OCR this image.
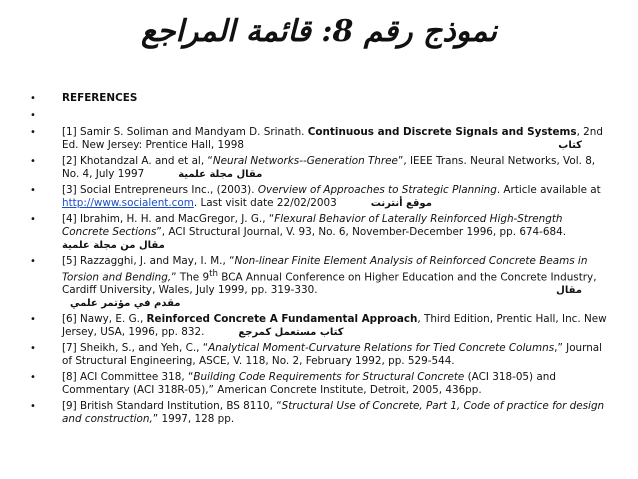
نموذج رقم 8: قائمة المراجع
•	REFERENCES
•
•	[1] Samir S. Soliman and Mandyam D. Srinath. Continuous and Discrete Signals and Systems, 2nd Ed. New Jersey: Prentice Hall, 1998	كتاب
•	[2] Khotandzal A. and et al, “Neural Networks--Generation Three”, IEEE Trans. Neural Networks, Vol. 8, No. 4, July 1997	مقال مجلة علمية
•	[3] Social Entrepreneurs Inc., (2003). Overview of Approaches to Strategic Planning. Article available at http://www.socialent.com. Last visit date 22/02/2003	موقع أنترنت
•	[4] Ibrahim, H. H. and MacGregor, J. G., “Flexural Behavior of Laterally Reinforced High-Strength Concrete Sections”, ACI Structural Journal, V. 93, No. 6, November-December 1996, pp. 674-684.
مقال من مجلة علمية
•	[5] Razzagghi, J. and May, I. M., “Non-linear Finite Element Analysis of Reinforced Concrete Beams in Torsion and Bending,” The 9th BCA Annual Conference on Higher Education and the Concrete Industry, Cardiff University, Wales, July 1999, pp. 319-330.	مقال
مقدم في مؤتمر علمي
•	[6] Nawy, E. G., Reinforced Concrete A Fundamental Approach, Third Edition, Prentic Hall, Inc. New Jersey, USA, 1996, pp. 832.	كتاب مستعمل كمرجع
•	[7] Sheikh, S., and Yeh, C., “Analytical Moment-Curvature Relations for Tied Concrete Columns,” Journal of Structural Engineering, ASCE, V. 118, No. 2, February 1992, pp. 529-544.
•	[8] ACI Committee 318, “Building Code Requirements for Structural Concrete (ACI 318-05) and Commentary (ACI 318R-05),” American Concrete Institute, Detroit, 2005, 436pp.
•	[9] British Standard Institution, BS 8110, “Structural Use of Concrete, Part 1, Code of practice for design and construction,” 1997, 128 pp.
